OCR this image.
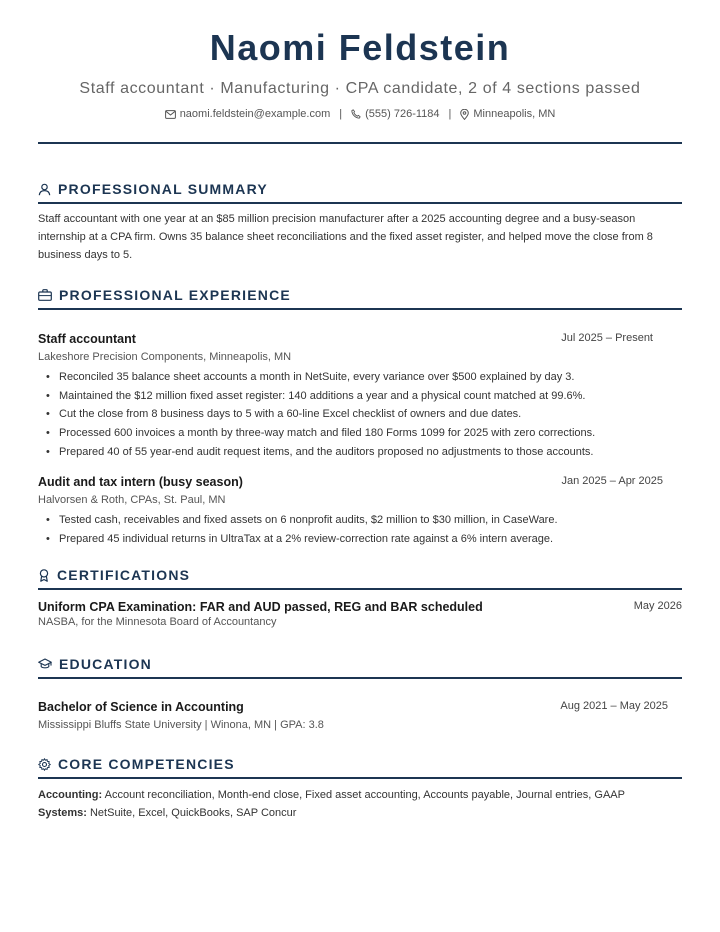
Naomi Feldstein
Staff accountant · Manufacturing · CPA candidate, 2 of 4 sections passed
naomi.feldstein@example.com | (555) 726-1184 | Minneapolis, MN
PROFESSIONAL SUMMARY
Staff accountant with one year at an $85 million precision manufacturer after a 2025 accounting degree and a busy-season internship at a CPA firm. Owns 35 balance sheet reconciliations and the fixed asset register, and helped move the close from 8 business days to 5.
PROFESSIONAL EXPERIENCE
Staff accountant	Jul 2025 – Present
Lakeshore Precision Components, Minneapolis, MN
• Reconciled 35 balance sheet accounts a month in NetSuite, every variance over $500 explained by day 3.
• Maintained the $12 million fixed asset register: 140 additions a year and a physical count matched at 99.6%.
• Cut the close from 8 business days to 5 with a 60-line Excel checklist of owners and due dates.
• Processed 600 invoices a month by three-way match and filed 180 Forms 1099 for 2025 with zero corrections.
• Prepared 40 of 55 year-end audit request items, and the auditors proposed no adjustments to those accounts.
Audit and tax intern (busy season)	Jan 2025 – Apr 2025
Halvorsen & Roth, CPAs, St. Paul, MN
• Tested cash, receivables and fixed assets on 6 nonprofit audits, $2 million to $30 million, in CaseWare.
• Prepared 45 individual returns in UltraTax at a 2% review-correction rate against a 6% intern average.
CERTIFICATIONS
Uniform CPA Examination: FAR and AUD passed, REG and BAR scheduled	May 2026
NASBA, for the Minnesota Board of Accountancy
EDUCATION
Bachelor of Science in Accounting	Aug 2021 – May 2025
Mississippi Bluffs State University | Winona, MN | GPA: 3.8
CORE COMPETENCIES
Accounting: Account reconciliation, Month-end close, Fixed asset accounting, Accounts payable, Journal entries, GAAP
Systems: NetSuite, Excel, QuickBooks, SAP Concur
